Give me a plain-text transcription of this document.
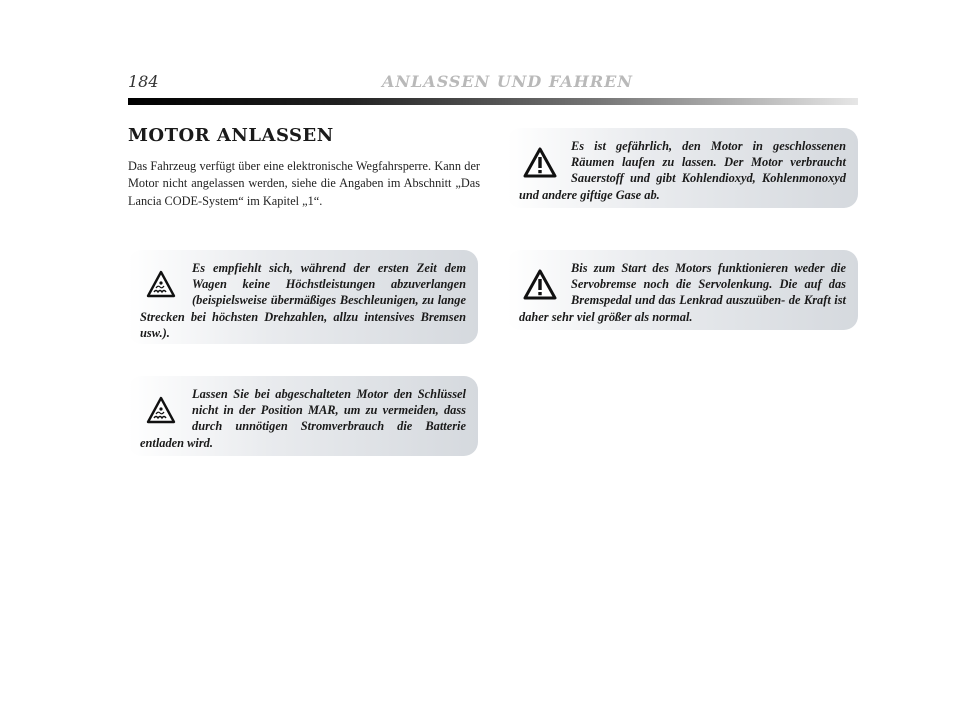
184	ANLASSEN UND FAHREN
MOTOR ANLASSEN
Das Fahrzeug verfügt über eine elektronische Wegfahrsperre. Kann der Motor nicht angelassen werden, siehe die Angaben im Abschnitt „Das Lancia CODE-System“ im Kapitel „1“.

Es empfiehlt sich, während der ersten Zeit dem Wagen keine Höchstleistungen abzuverlangen (beispielsweise übermäßiges Beschleunigen, zu lange Strecken bei höchsten Drehzahlen, allzu intensives Bremsen usw.).

Lassen Sie bei abgeschalteten Motor den Schlüssel nicht in der Position MAR, um zu vermeiden, dass durch unnötigen Stromverbrauch die Batterie entladen wird.

Es ist gefährlich, den Motor in geschlossenen Räumen laufen zu lassen. Der Motor verbraucht Sauerstoff und gibt Kohlendioxyd, Kohlenmonoxyd und andere giftige Gase ab.

Bis zum Start des Motors funktionieren weder die Servobremse noch die Servolenkung. Die auf das Bremspedal und das Lenkrad auszuüben- de Kraft ist daher sehr viel größer als normal.
